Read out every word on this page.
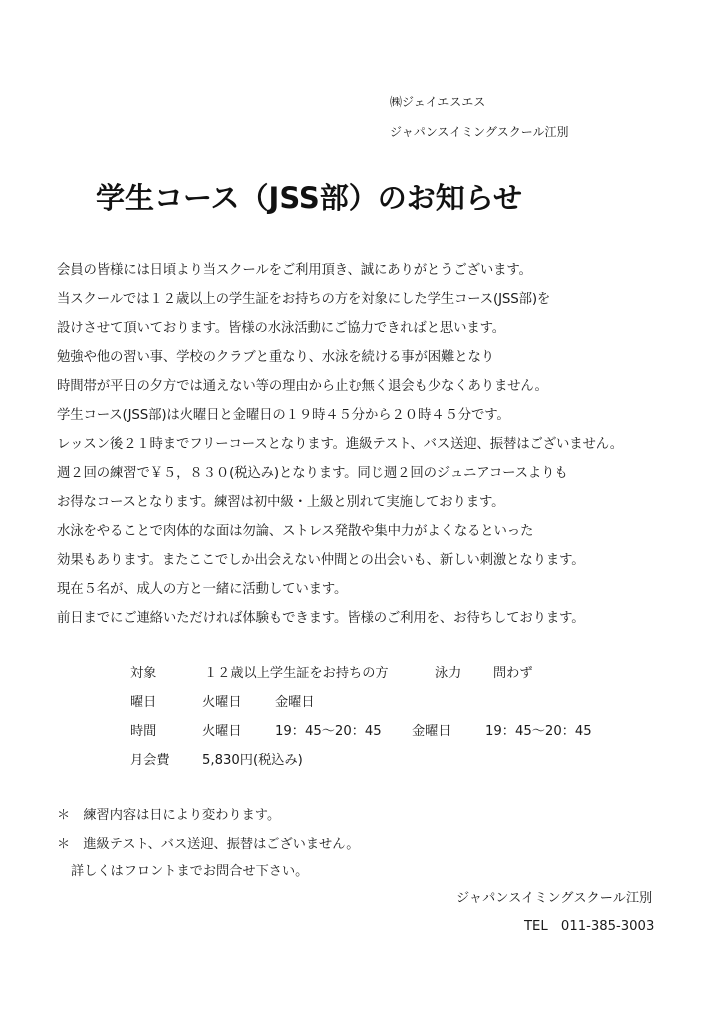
㈱ジェイエスエス
ジャパンスイミングスクール江別
学生コース（JSS部）のお知らせ
会員の皆様には日頃より当スクールをご利用頂き、誠にありがとうございます。
当スクールでは１２歳以上の学生証をお持ちの方を対象にした学生コース(JSS部)を
設けさせて頂いております。皆様の水泳活動にご協力できればと思います。
勉強や他の習い事、学校のクラブと重なり、水泳を続ける事が困難となり
時間帯が平日の夕方では通えない等の理由から止む無く退会も少なくありません。
学生コース(JSS部)は火曜日と金曜日の１９時４５分から２０時４５分です。
レッスン後２１時までフリーコースとなります。進級テスト、バス送迎、振替はございません。
週２回の練習で￥５，８３０(税込み)となります。同じ週２回のジュニアコースよりも
お得なコースとなります。練習は初中級・上級と別れて実施しております。
水泳をやることで肉体的な面は勿論、ストレス発散や集中力がよくなるといった
効果もあります。またここでしか出会えない仲間との出会いも、新しい刺激となります。
現在５名が、成人の方と一緒に活動しています。
前日までにご連絡いただければ体験もできます。皆様のご利用を、お待ちしております。
対象	１２歳以上学生証をお持ちの方	泳力 問わず
曜日	火曜日	金曜日
時間	火曜日	19：45～20：45 金曜日	19：45～20：45
月会費 5,830円(税込み)
＊　練習内容は日により変わります。
＊　進級テスト、バス送迎、振替はございません。
詳しくはフロントまでお問合せ下さい。
ジャパンスイミングスクール江別
TEL　011-385-3003
